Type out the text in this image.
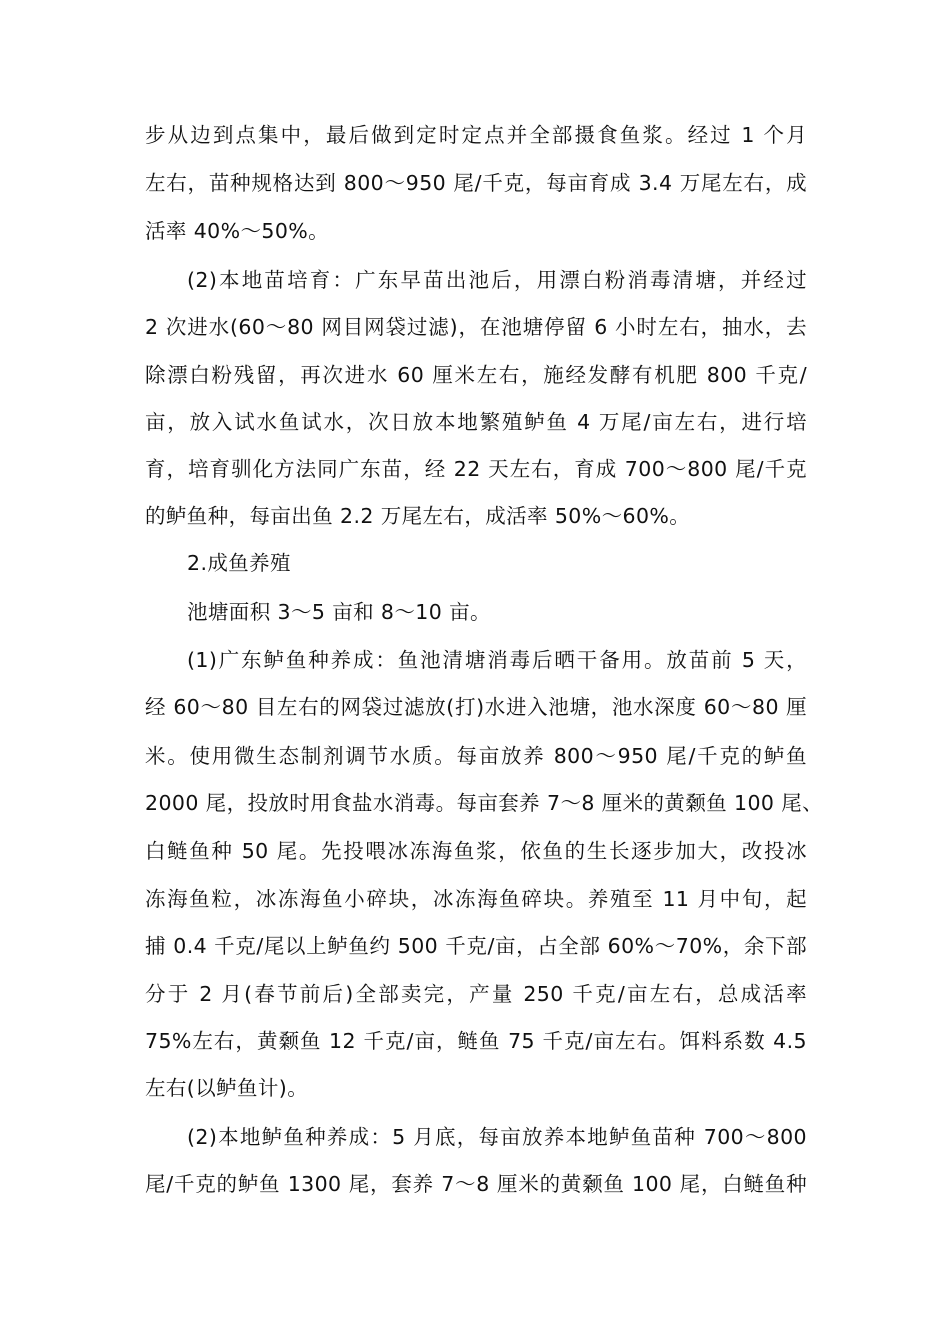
步从边到点集中，最后做到定时定点并全部摄食鱼浆。经过 1 个月
左右，苗种规格达到 800～950 尾/千克，每亩育成 3.4 万尾左右，成
活率 40%～50%。
(2)本地苗培育：广东早苗出池后，用漂白粉消毒清塘，并经过
2 次进水(60～80 网目网袋过滤)，在池塘停留 6 小时左右，抽水，去
除漂白粉残留，再次进水 60 厘米左右，施经发酵有机肥 800 千克/
亩，放入试水鱼试水，次日放本地繁殖鲈鱼 4 万尾/亩左右，进行培
育，培育驯化方法同广东苗，经 22 天左右，育成 700～800 尾/千克
的鲈鱼种，每亩出鱼 2.2 万尾左右，成活率 50%～60%。
2.成鱼养殖
池塘面积 3～5 亩和 8～10 亩。
(1)广东鲈鱼种养成：鱼池清塘消毒后晒干备用。放苗前 5 天，
经 60～80 目左右的网袋过滤放(打)水进入池塘，池水深度 60～80 厘
米。使用微生态制剂调节水质。每亩放养 800～950 尾/千克的鲈鱼
2000 尾，投放时用食盐水消毒。每亩套养 7～8 厘米的黄颡鱼 100 尾、
白鲢鱼种 50 尾。先投喂冰冻海鱼浆，依鱼的生长逐步加大，改投冰
冻海鱼粒，冰冻海鱼小碎块，冰冻海鱼碎块。养殖至 11 月中旬，起
捕 0.4 千克/尾以上鲈鱼约 500 千克/亩，占全部 60%～70%，余下部
分于 2 月(春节前后)全部卖完，产量 250 千克/亩左右，总成活率
75%左右，黄颡鱼 12 千克/亩，鲢鱼 75 千克/亩左右。饵料系数 4.5
左右(以鲈鱼计)。
(2)本地鲈鱼种养成：5 月底，每亩放养本地鲈鱼苗种 700～800
尾/千克的鲈鱼 1300 尾，套养 7～8 厘米的黄颡鱼 100 尾，白鲢鱼种
